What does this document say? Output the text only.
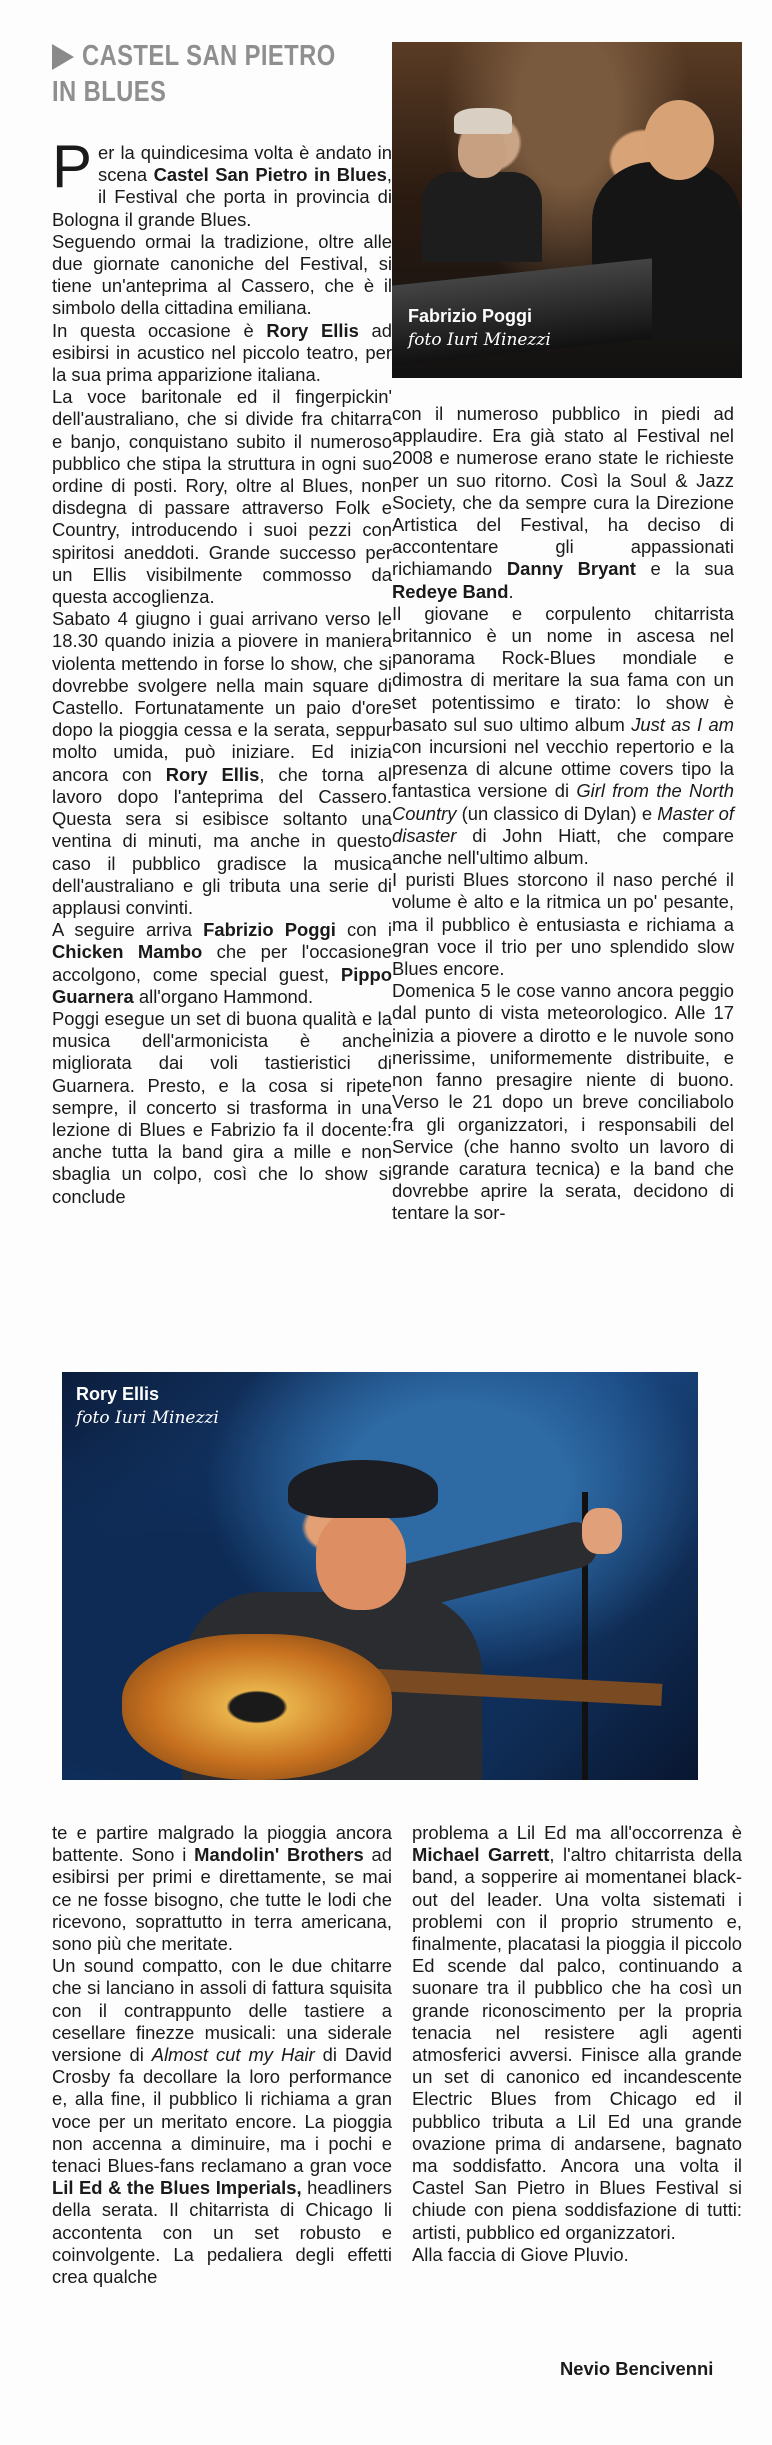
CASTEL SAN PIETRO
IN BLUES
Fabrizio Poggi
foto Iuri Minezzi

Per la quindicesima volta è andato in scena Castel San Pietro in Blues, il Festival che porta in provincia di Bologna il grande Blues.

Seguendo ormai la tradizione, oltre alle due giornate canoniche del Festival, si tiene un'anteprima al Cassero, che è il simbolo della cittadina emiliana.

In questa occasione è Rory Ellis ad esibirsi in acustico nel piccolo teatro, per la sua prima apparizione italiana.

La voce baritonale ed il fingerpickin' dell'australiano, che si divide fra chitarra e banjo, conquistano subito il numeroso pubblico che stipa la struttura in ogni suo ordine di posti. Rory, oltre al Blues, non disdegna di passare attraverso Folk e Country, introducendo i suoi pezzi con spiritosi aneddoti. Grande successo per un Ellis visibilmente commosso da questa accoglienza.

Sabato 4 giugno i guai arrivano verso le 18.30 quando inizia a piovere in maniera violenta mettendo in forse lo show, che si dovrebbe svolgere nella main square di Castello. Fortunatamente un paio d'ore dopo la pioggia cessa e la serata, seppur molto umida, può iniziare. Ed inizia ancora con Rory Ellis, che torna al lavoro dopo l'anteprima del Cassero. Questa sera si esibisce soltanto una ventina di minuti, ma anche in questo caso il pubblico gradisce la musica dell'australiano e gli tributa una serie di applausi convinti.

A seguire arriva Fabrizio Poggi con i Chicken Mambo che per l'occasione accolgono, come special guest, Pippo Guarnera all'organo Hammond.

Poggi esegue un set di buona qualità e la musica dell'armonicista è anche migliorata dai voli tastieristici di Guarnera. Presto, e la cosa si ripete sempre, il concerto si trasforma in una lezione di Blues e Fabrizio fa il docente: anche tutta la band gira a mille e non sbaglia un colpo, così che lo show si conclude

con il numeroso pubblico in piedi ad applaudire. Era già stato al Festival nel 2008 e numerose erano state le richieste per un suo ritorno. Così la Soul & Jazz Society, che da sempre cura la Direzione Artistica del Festival, ha deciso di accontentare gli appassionati richiamando Danny Bryant e la sua Redeye Band.

Il giovane e corpulento chitarrista britannico è un nome in ascesa nel panorama Rock-Blues mondiale e dimostra di meritare la sua fama con un set potentissimo e tirato: lo show è basato sul suo ultimo album Just as I am con incursioni nel vecchio repertorio e la presenza di alcune ottime covers tipo la fantastica versione di Girl from the North Country (un classico di Dylan) e Master of disaster di John Hiatt, che compare anche nell'ultimo album.

I puristi Blues storcono il naso perché il volume è alto e la ritmica un po' pesante, ma il pubblico è entusiasta e richiama a gran voce il trio per uno splendido slow Blues encore.

Domenica 5 le cose vanno ancora peggio dal punto di vista meteorologico. Alle 17 inizia a piovere a dirotto e le nuvole sono nerissime, uniformemente distribuite, e non fanno presagire niente di buono. Verso le 21 dopo un breve conciliabolo fra gli organizzatori, i responsabili del Service (che hanno svolto un lavoro di grande caratura tecnica) e la band che dovrebbe aprire la serata, decidono di tentare la sor-

Rory Ellis
foto Iuri Minezzi

te e partire malgrado la pioggia ancora battente. Sono i Mandolin' Brothers ad esibirsi per primi e direttamente, se mai ce ne fosse bisogno, che tutte le lodi che ricevono, soprattutto in terra americana, sono più che meritate.

Un sound compatto, con le due chitarre che si lanciano in assoli di fattura squisita con il contrappunto delle tastiere a cesellare finezze musicali: una siderale versione di Almost cut my Hair di David Crosby fa decollare la loro performance e, alla fine, il pubblico li richiama a gran voce per un meritato encore. La pioggia non accenna a diminuire, ma i pochi e tenaci Blues-fans reclamano a gran voce Lil Ed & the Blues Imperials, headliners della serata. Il chitarrista di Chicago li accontenta con un set robusto e coinvolgente. La pedaliera degli effetti crea qualche

problema a Lil Ed ma all'occorrenza è Michael Garrett, l'altro chitarrista della band, a sopperire ai momentanei black-out del leader. Una volta sistemati i problemi con il proprio strumento e, finalmente, placatasi la pioggia il piccolo Ed scende dal palco, continuando a suonare tra il pubblico che ha così un grande riconoscimento per la propria tenacia nel resistere agli agenti atmosferici avversi. Finisce alla grande un set di canonico ed incandescente Electric Blues from Chicago ed il pubblico tributa a Lil Ed una grande ovazione prima di andarsene, bagnato ma soddisfatto. Ancora una volta il Castel San Pietro in Blues Festival si chiude con piena soddisfazione di tutti: artisti, pubblico ed organizzatori.

Alla faccia di Giove Pluvio.

Nevio Bencivenni
